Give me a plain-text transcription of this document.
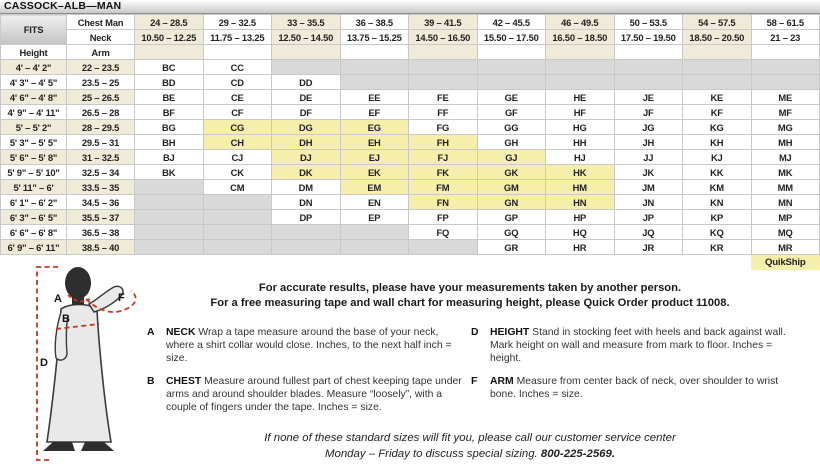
CASSOCK–ALB—MAN
FITS	Chest Man	24 – 28.5	29 – 32.5	33 – 35.5	36 – 38.5	39 – 41.5	42 – 45.5	46 – 49.5	50 – 53.5	54 – 57.5	58 – 61.5
	Neck	10.50 – 12.25	11.75 – 13.25	12.50 – 14.50	13.75 – 15.25	14.50 – 16.50	15.50 – 17.50	16.50 – 18.50	17.50 – 19.50	18.50 – 20.50	21 – 23
Height	Arm										
4' – 4' 2"	22 – 23.5	BC	CC								
4' 3" – 4' 5"	23.5 – 25	BD	CD	DD							
4' 6" – 4' 8"	25 – 26.5	BE	CE	DE	EE	FE	GE	HE	JE	KE	ME
4' 9" – 4' 11"	26.5 – 28	BF	CF	DF	EF	FF	GF	HF	JF	KF	MF
5' – 5' 2"	28 – 29.5	BG	CG	DG	EG	FG	GG	HG	JG	KG	MG
5' 3" – 5' 5"	29.5 – 31	BH	CH	DH	EH	FH	GH	HH	JH	KH	MH
5' 6" – 5' 8"	31 – 32.5	BJ	CJ	DJ	EJ	FJ	GJ	HJ	JJ	KJ	MJ
5' 9" – 5' 10"	32.5 – 34	BK	CK	DK	EK	FK	GK	HK	JK	KK	MK
5' 11" – 6'	33.5 – 35		CM	DM	EM	FM	GM	HM	JM	KM	MM
6' 1" – 6' 2"	34.5 – 36			DN	EN	FN	GN	HN	JN	KN	MN
6' 3" – 6' 5"	35.5 – 37			DP	EP	FP	GP	HP	JP	KP	MP
6' 6" – 6' 8"	36.5 – 38					FQ	GQ	HQ	JQ	KQ	MQ
6' 9" – 6' 11"	38.5 – 40						GR	HR	JR	KR	MR
											QuikShip
For accurate results, please have your measurements taken by another person.
For a free measuring tape and wall chart for measuring height, please Quick Order product 11008.
A	NECK Wrap a tape measure around the base of your neck, where a shirt collar would close. Inches, to the next half inch = size.
B	CHEST Measure around fullest part of chest keeping tape under arms and around shoulder blades. Measure “loosely”, with a couple of fingers under the tape. Inches = size.
D	HEIGHT Stand in stocking feet with heels and back against wall. Mark height on wall and measure from mark to floor. Inches = height.
F	ARM Measure from center back of neck, over shoulder to wrist bone. Inches = size.
If none of these standard sizes will fit you, please call our customer service center
Monday – Friday to discuss special sizing. 800-225-2569.
A
B
D
F
